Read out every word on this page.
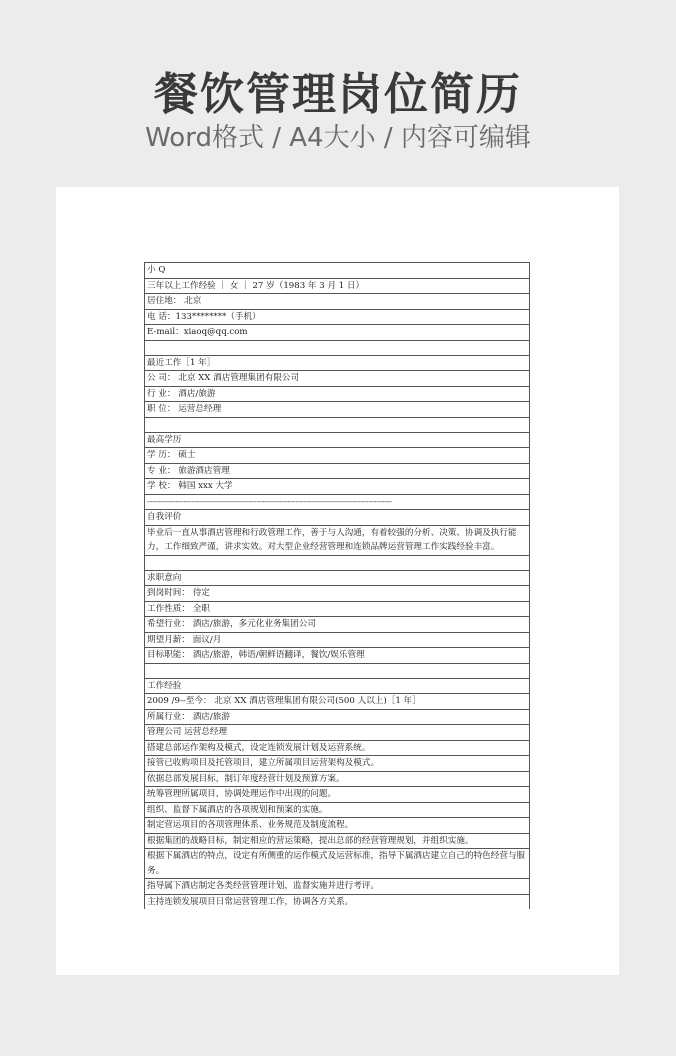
餐饮管理岗位简历
Word格式 / A4大小 / 内容可编辑
小 Q
三年以上工作经验 ｜ 女 ｜ 27 岁（1983 年 3 月 1 日）
居住地： 北京
电 话：133********（手机）
E-mail：xiaoq@qq.com
最近工作［1 年］
公 司： 北京 XX 酒店管理集团有限公司
行 业： 酒店/旅游
职 位： 运营总经理
最高学历
学 历： 硕士
专 业： 旅游酒店管理
学 校： 韩国 xxx 大学
----------------------------------------------------------------------------------------------
自我评价
毕业后一直从事酒店管理和行政管理工作，善于与人沟通，有着较强的分析、决策、协调及执行能力，工作细致严谨，讲求实效。对大型企业经营管理和连锁品牌运营管理工作实践经验丰富。
求职意向
到岗时间： 待定
工作性质： 全职
希望行业： 酒店/旅游，多元化业务集团公司
期望月薪： 面议/月
目标职能： 酒店/旅游，韩语/朝鲜语翻译，餐饮/娱乐管理
工作经验
2009 /9--至今： 北京 XX 酒店管理集团有限公司(500 人以上)［1 年］
所属行业： 酒店/旅游
管理公司 运营总经理
搭建总部运作架构及模式，设定连锁发展计划及运营系统。
接管已收购项目及托管项目，建立所属项目运营架构及模式。
依据总部发展目标，制订年度经营计划及预算方案。
统筹管理所属项目，协调处理运作中出现的问题。
组织、监督下属酒店的各项规划和预案的实施。
制定营运项目的各项管理体系、业务规范及制度流程。
根据集团的战略目标，制定相应的营运策略，提出总部的经营管理规划，并组织实施。
根据下属酒店的特点，设定有所侧重的运作模式及运营标准，指导下属酒店建立自己的特色经营与服务。
指导属下酒店制定各类经营管理计划，监督实施并进行考评。
主持连锁发展项目日常运营管理工作，协调各方关系。
